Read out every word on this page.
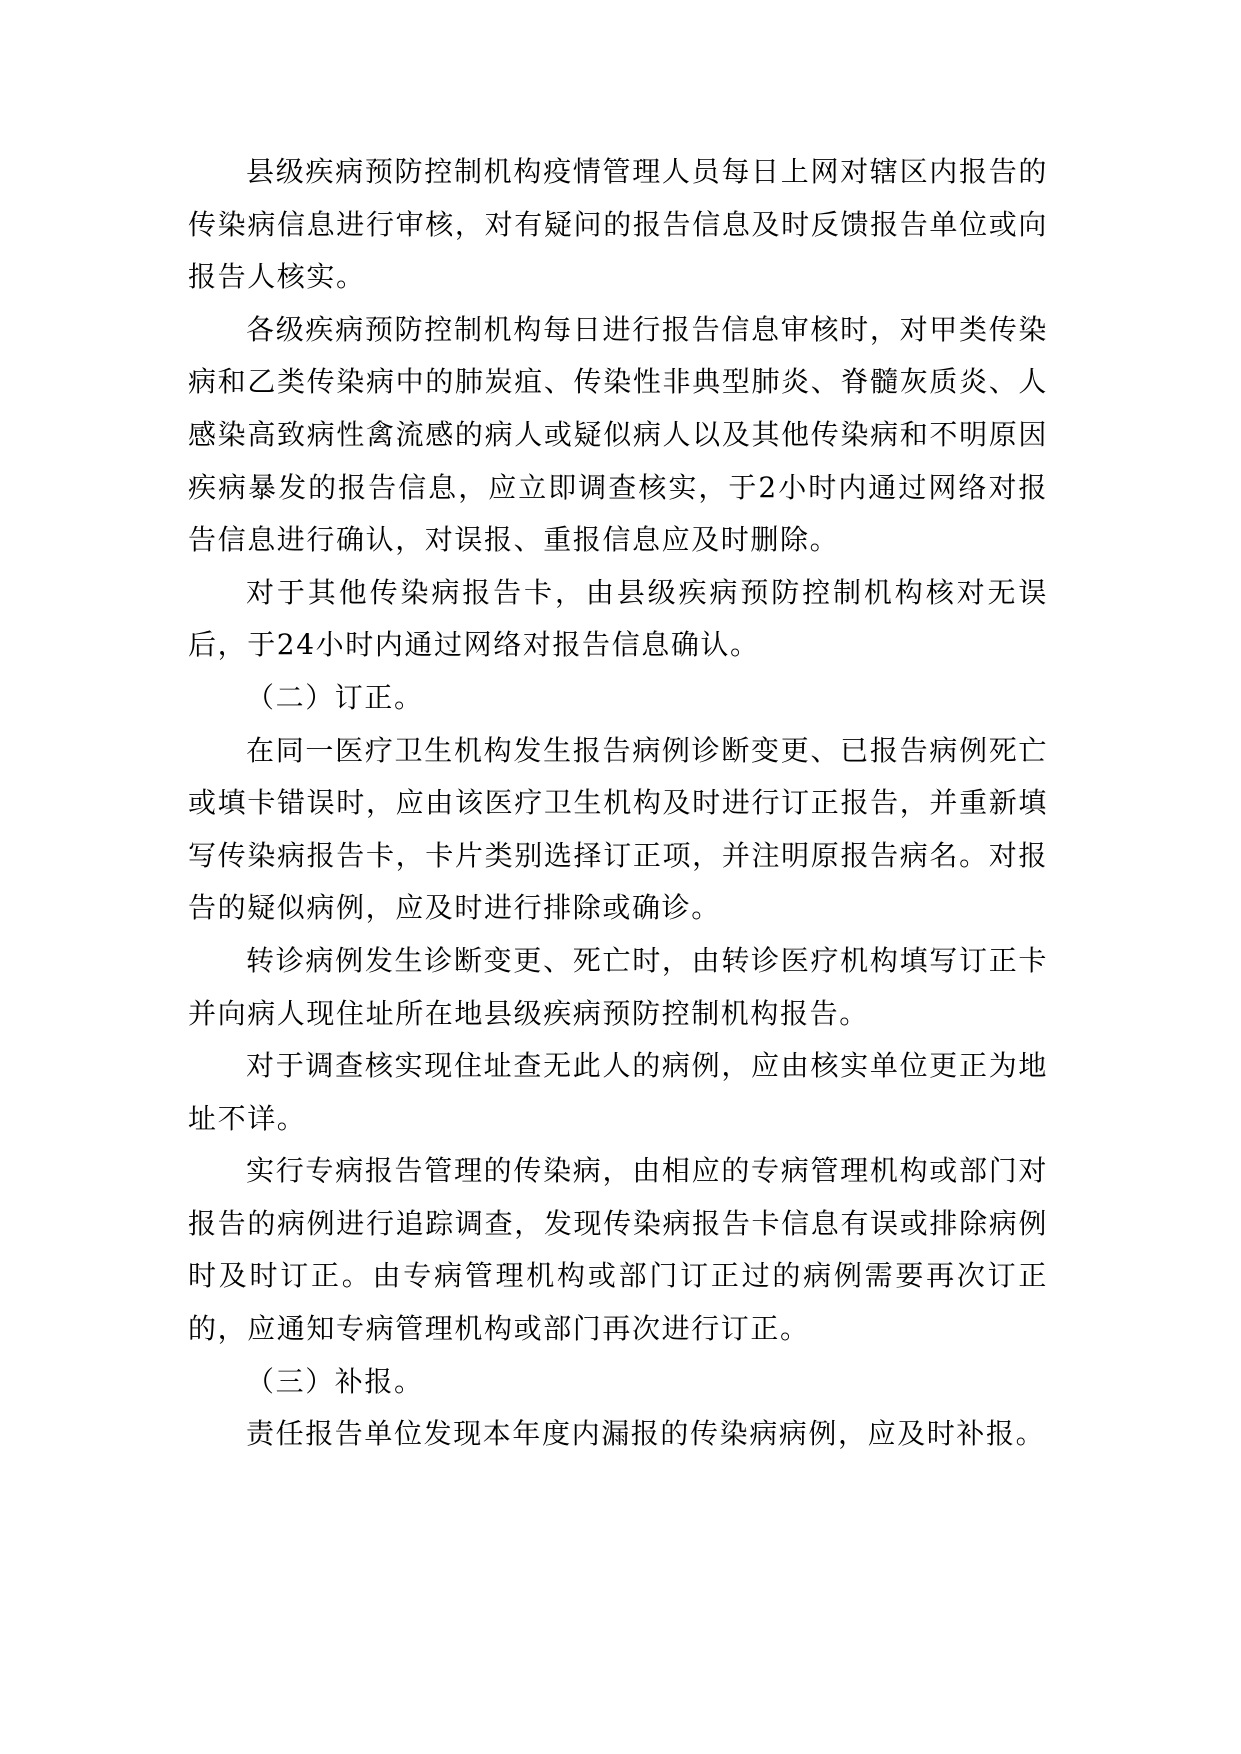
县级疾病预防控制机构疫情管理人员每日上网对辖区内报告的传染病信息进行审核，对有疑问的报告信息及时反馈报告单位或向报告人核实。

各级疾病预防控制机构每日进行报告信息审核时，对甲类传染病和乙类传染病中的肺炭疽、传染性非典型肺炎、脊髓灰质炎、人感染高致病性禽流感的病人或疑似病人以及其他传染病和不明原因疾病暴发的报告信息，应立即调查核实，于2小时内通过网络对报告信息进行确认，对误报、重报信息应及时删除。

对于其他传染病报告卡，由县级疾病预防控制机构核对无误后，于24小时内通过网络对报告信息确认。

（二）订正。

在同一医疗卫生机构发生报告病例诊断变更、已报告病例死亡或填卡错误时，应由该医疗卫生机构及时进行订正报告，并重新填写传染病报告卡，卡片类别选择订正项，并注明原报告病名。对报告的疑似病例，应及时进行排除或确诊。

转诊病例发生诊断变更、死亡时，由转诊医疗机构填写订正卡并向病人现住址所在地县级疾病预防控制机构报告。

对于调查核实现住址查无此人的病例，应由核实单位更正为地址不详。

实行专病报告管理的传染病，由相应的专病管理机构或部门对报告的病例进行追踪调查，发现传染病报告卡信息有误或排除病例时及时订正。由专病管理机构或部门订正过的病例需要再次订正的，应通知专病管理机构或部门再次进行订正。

（三）补报。

责任报告单位发现本年度内漏报的传染病病例，应及时补报。
